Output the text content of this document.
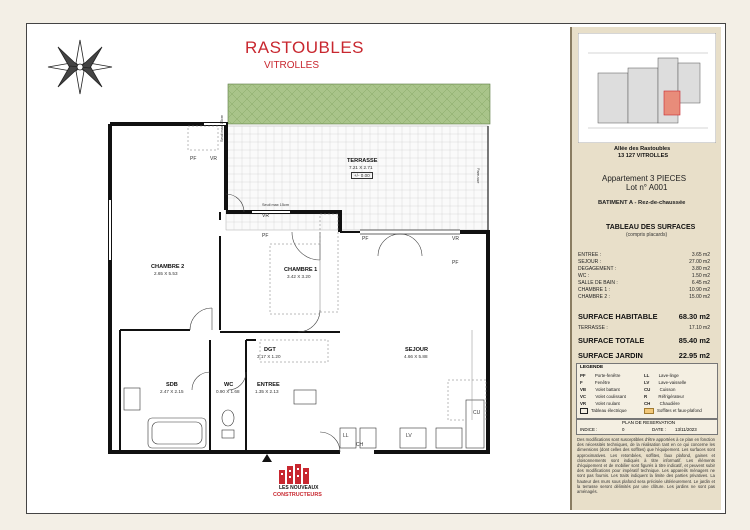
RASTOUBLES
VITROLLES
TERRASSE
7.21 X 2.71
+/- 0.00
CHAMBRE 2
2.65 X 5.53
CHAMBRE 1
3.42 X 3.20
SEJOUR
4.66 X 5.88
DGT
3.17 X 1.20
SDB
2.47 X 2.15
WC
0.90 X 1.68
ENTREE
1.35 X 2.13
PF	VR
Seuil max 15cm
VR
Seuil max 15cm
PF	PF	VR
PF
Pare-vue
LL	LV
CH
CU
LES NOUVEAUX
CONSTRUCTEURS
Allée des Rastoubles
13 127 VITROLLES
Appartement 3 PIECES
Lot n° A001
BATIMENT A - Rez-de-chaussée
TABLEAU DES SURFACES
(compris placards)
ENTREE :	3.65 m2
SEJOUR :	27.00 m2
DEGAGEMENT :	3.80 m2
WC :	1.50 m2
SALLE DE BAIN :	6.45 m2
CHAMBRE 1 :	10.90 m2
CHAMBRE 2 :	15.00 m2
SURFACE HABITABLE	68.30 m2
TERRASSE :	17.10 m2
SURFACE TOTALE	85.40 m2
SURFACE JARDIN	22.95 m2
LEGENDE
PF Porte-fenêtre
F	Fenêtre
VB Volet battant
VC Volet coulissant
VR Volet roulant
Tableau électrique
LL Lave-linge
LV Lave-vaisselle
CU Cuisson
R	Réfrigérateur
CH Chaudière
Soffites et faux-plafond
PLAN DE RESERVATION
INDICE :	0	DATE : 13/11/2023
Des modifications sont susceptibles d'être apportées à ce plan en fonction des nécessités techniques, de la réalisation tant en ce qui concerne les dimensions (dont celles des soffites) que l'équipement. Les surfaces sont approximatives. Les retombées, soffites, faux plafond, gaines et cloisonnements sont indiqués à titre informatif. Les éléments d'équipement et de mobilier sont figurés à titre indicatif, et peuvent subir des modifications pour impératif technique. Les appareils ménagers ne sont pas fournis. Les traits indiquent la limite des parties privatives. La hauteur des murs sous plafond sera précisée ultérieurement. Le jardin et la terrasse seront délimités par une clôture. Les jardins ne sont pas aménagés.
